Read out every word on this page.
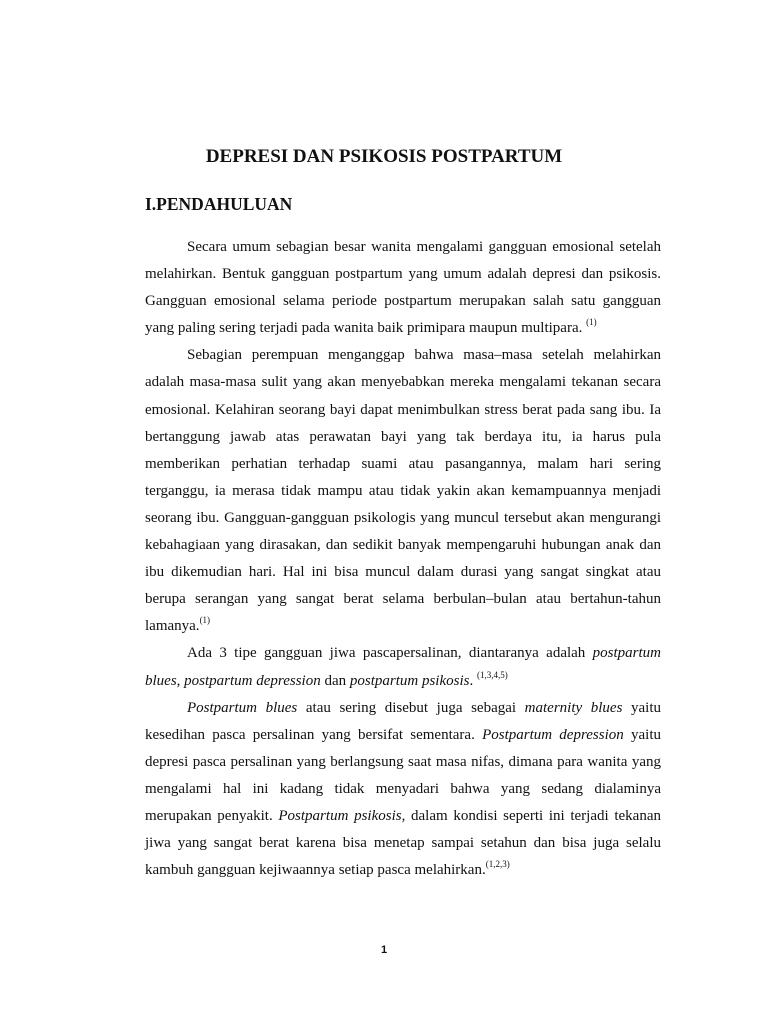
DEPRESI DAN PSIKOSIS POSTPARTUM
I.PENDAHULUAN

Secara umum sebagian besar wanita mengalami gangguan emosional setelah melahirkan. Bentuk gangguan postpartum yang umum adalah depresi dan psikosis. Gangguan emosional selama periode postpartum merupakan salah satu gangguan yang paling sering terjadi pada wanita baik primipara maupun multipara. $^{(1)}$

Sebagian perempuan menganggap bahwa masa–masa setelah melahirkan adalah masa-masa sulit yang akan menyebabkan mereka mengalami tekanan secara emosional. Kelahiran seorang bayi dapat menimbulkan stress berat pada sang ibu. Ia bertanggung jawab atas perawatan bayi yang tak berdaya itu, ia harus pula memberikan perhatian terhadap suami atau pasangannya, malam hari sering terganggu, ia merasa tidak mampu atau tidak yakin akan kemampuannya menjadi seorang ibu. Gangguan-gangguan psikologis yang muncul tersebut akan mengurangi kebahagiaan yang dirasakan, dan sedikit banyak mempengaruhi hubungan anak dan ibu dikemudian hari. Hal ini bisa muncul dalam durasi yang sangat singkat atau berupa serangan yang sangat berat selama berbulan–bulan atau bertahun-tahun lamanya.$^{(1)}$

Ada 3 tipe gangguan jiwa pascapersalinan, diantaranya adalah postpartum blues, postpartum depression dan postpartum psikosis. $^{(1,3,4,5)}$

Postpartum blues atau sering disebut juga sebagai maternity blues yaitu kesedihan pasca persalinan yang bersifat sementara. Postpartum depression yaitu depresi pasca persalinan yang berlangsung saat masa nifas, dimana para wanita yang mengalami hal ini kadang tidak menyadari bahwa yang sedang dialaminya merupakan penyakit. Postpartum psikosis, dalam kondisi seperti ini terjadi tekanan jiwa yang sangat berat karena bisa menetap sampai setahun dan bisa juga selalu kambuh gangguan kejiwaannya setiap pasca melahirkan.$^{(1,2,3)}$

1
